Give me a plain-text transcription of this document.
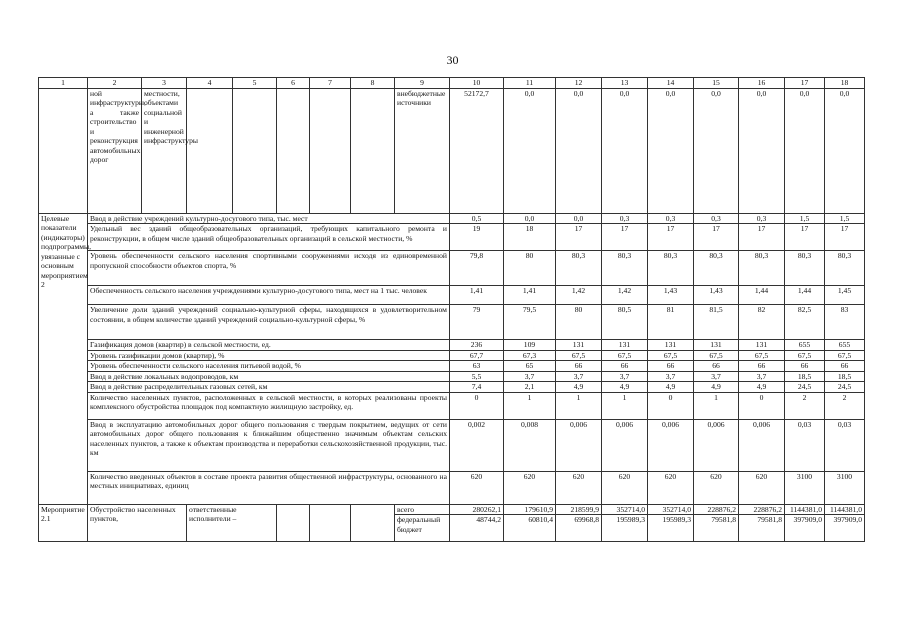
30
1	2	3	4	5	6	7	8	9	10	11	12	13	14	15	16	17	18
	ной инфраструктуры, а также строительство и реконструкция автомобильных дорог	местности, объектами социальной и инженерной инфраструктуры						внебюджетные источники	52172,7	0,0	0,0	0,0	0,0	0,0	0,0	0,0	0,0
Целевые показатели (индикаторы) подпрограммы, увязанные с основным мероприятием 2	Ввод в действие учреждений культурно-досугового типа, тыс. мест								0,5	0,0	0,0	0,3	0,3	0,3	0,3	1,5	1,5
	Удельный вес зданий общеобразовательных организаций, требующих капитального ремонта и реконструкции, в общем числе зданий общеобразовательных организаций в сельской местности, %								19	18	17	17	17	17	17	17	17
	Уровень обеспеченности сельского населения спортивными сооружениями исходя из единовременной пропускной способности объектов спорта, %								79,8	80	80,3	80,3	80,3	80,3	80,3	80,3	80,3
	Обеспеченность сельского населения учреждениями культурно-досугового типа, мест на 1 тыс. человек								1,41	1,41	1,42	1,42	1,43	1,43	1,44	1,44	1,45
	Увеличение доли зданий учреждений социально-культурной сферы, находящихся в удовлетворительном состоянии, в общем количестве зданий учреждений социально-культурной сферы, %								79	79,5	80	80,5	81	81,5	82	82,5	83
	Газификация домов (квартир) в сельской местности, ед.								236	109	131	131	131	131	131	655	655
	Уровень газификации домов (квартир), %								67,7	67,3	67,5	67,5	67,5	67,5	67,5	67,5	67,5
	Уровень обеспеченности сельского населения питьевой водой, %								63	65	66	66	66	66	66	66	66
	Ввод в действие локальных водопроводов, км								5,5	3,7	3,7	3,7	3,7	3,7	3,7	18,5	18,5
	Ввод в действие распределительных газовых сетей, км								7,4	2,1	4,9	4,9	4,9	4,9	4,9	24,5	24,5
	Количество населенных пунктов, расположенных в сельской местности, в которых реализованы проекты комплексного обустройства площадок под компактную жилищную застройку, ед.								0	1	1	1	0	1	0	2	2
	Ввод в эксплуатацию автомобильных дорог общего пользования с твердым покрытием, ведущих от сети автомобильных дорог общего пользования к ближайшим общественно значимым объектам сельских населенных пунктов, а также к объектам производства и переработки сельскохозяйственной продукции, тыс. км								0,002	0,008	0,006	0,006	0,006	0,006	0,006	0,03	0,03
	Количество введенных объектов в составе проекта развития общественной инфраструктуры, основанного на местных инициативах, единиц								620	620	620	620	620	620	620	3100	3100
Мероприятие 2.1	Обустройство населенных пунктов,		ответственные исполнители –					всего	280262,1	179610,9	218599,9	352714,0	352714,0	228876,2	228876,2	1144381,0	1144381,0
								федеральный бюджет	48744,2	60810,4	69968,8	195989,3	195989,3	79581,8	79581,8	397909,0	397909,0
